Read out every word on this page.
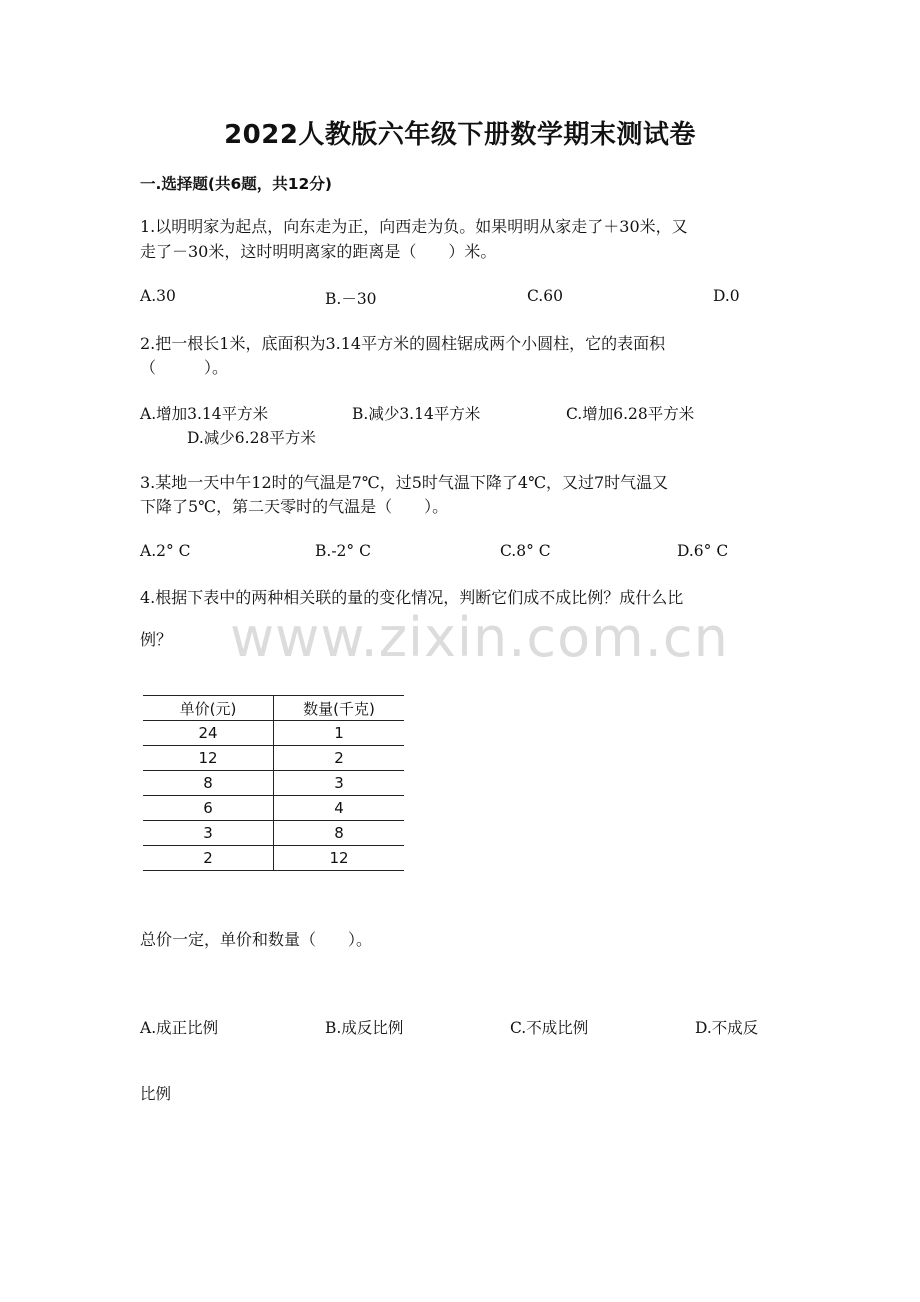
2022人教版六年级下册数学期末测试卷
一.选择题(共6题，共12分)
1.以明明家为起点，向东走为正，向西走为负。如果明明从家走了＋30米，又
走了－30米，这时明明离家的距离是（　　）米。
A.30	B.－30	C.60	D.0
2.把一根长1米，底面积为3.14平方米的圆柱锯成两个小圆柱，它的表面积
（　　　）。
A.增加3.14平方米	B.减少3.14平方米	C.增加6.28平方米
D.减少6.28平方米
3.某地一天中午12时的气温是7℃，过5时气温下降了4℃，又过7时气温又
下降了5℃，第二天零时的气温是（　　）。
A.2° C	B.-2° C	C.8° C	D.6° C
4.根据下表中的两种相关联的量的变化情况，判断它们成不成比例？成什么比
例？ www.zixin.com.cn
单价(元)	数量(千克)
24	1
12	2
8	3
6	4
3	8
2	12
总价一定，单价和数量（　　）。
A.成正比例	B.成反比例	C.不成比例	D.不成反
比例
